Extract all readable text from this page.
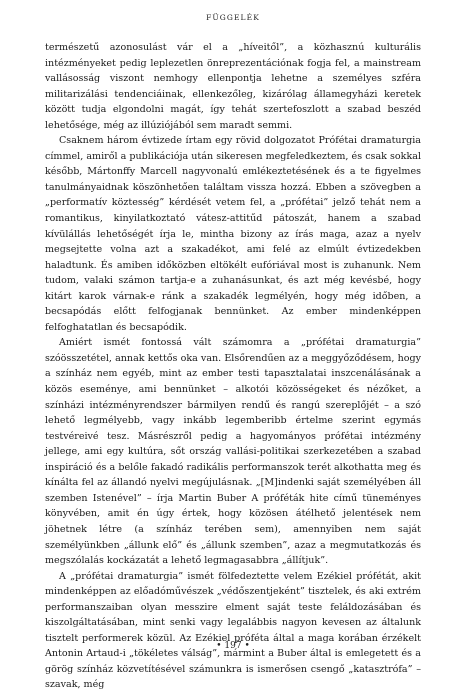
FÜGGELÉK

természetű azonosulást vár el a „híveitől”, a közhasznú kulturális intézményeket pedig leplezetlen önreprezentációnak fogja fel, a mainstream vallásosság viszont nemhogy ellenpontja lehetne a személyes szféra militarizálási tendenciáinak, ellenkezőleg, kizárólag államegyházi keretek között tudja elgondolni magát, így tehát szertefoszlott a szabad beszéd lehetősége, még az illúziójából sem maradt semmi.

Csaknem három évtizede írtam egy rövid dolgozatot Prófétai dramaturgia címmel, amiről a publikációja után sikeresen megfeledkeztem, és csak sokkal később, Mártonffy Marcell nagyvonalú emlékeztetésének és a te figyelmes tanulmányaidnak köszönhetően találtam vissza hozzá. Ebben a szövegben a „performatív köztesség” kérdését vetem fel, a „prófétai” jelző tehát nem a romantikus, kinyilatkoztató vátesz-attitűd pátoszát, hanem a szabad kívülállás lehetőségét írja le, mintha bizony az írás maga, azaz a nyelv megsejtette volna azt a szakadékot, ami felé az elmúlt évtizedekben haladtunk. És amiben időközben eltökélt eufóriával most is zuhanunk. Nem tudom, valaki számon tartja-e a zuhanásunkat, és azt még kevésbé, hogy kitárt karok várnak-e ránk a szakadék legmélyén, hogy még időben, a becsapódás előtt felfogjanak bennünket. Az ember mindenképpen felfoghatatlan és becsapódik.

Amiért ismét fontossá vált számomra a „prófétai dramaturgia” szóösszetétel, annak kettős oka van. Elsőrendűen az a meggyőződésem, hogy a színház nem egyéb, mint az ember testi tapasztalatai inszcenálásának a közös eseménye, ami bennünket – alkotói közösségeket és nézőket, a színházi intézményrendszer bármilyen rendű és rangú szereplőjét – a szó lehető legmélyebb, vagy inkább legemberibb értelme szerint egymás testvéreivé tesz. Másrészről pedig a hagyományos prófétai intézmény jellege, ami egy kultúra, sőt ország vallási-politikai szerkezetében a szabad inspiráció és a belőle fakadó radikális performanszok terét alkothatta meg és kínálta fel az állandó nyelvi megújulásnak. „[M]indenki saját személyében áll szemben Istenével” – írja Martin Buber A próféták hite című tüneményes könyvében, amit én úgy értek, hogy közösen átélhető jelentések nem jöhetnek létre (a színház terében sem), amennyiben nem saját személyünkben „állunk elő” és „állunk szemben”, azaz a megmutatkozás és megszólalás kockázatát a lehető legmagasabbra „állítjuk”.

A „prófétai dramaturgia” ismét fölfedeztette velem Ezékiel prófétát, akit mindenképpen az előadóművészek „védőszentjeként” tisztelek, és aki extrém performanszaiban olyan messzire elment saját teste feláldozásában és kiszolgáltatásában, mint senki vagy legalábbis nagyon kevesen az általunk tisztelt performerek közül. Az Ezékiel próféta által a maga korában érzékelt Antonin Artaud-i „tökéletes válság”, mármint a Buber által is emlegetett és a görög színház közvetítésével számunkra is ismerősen csengő „katasztrófa” – szavak, még

• 197 •
